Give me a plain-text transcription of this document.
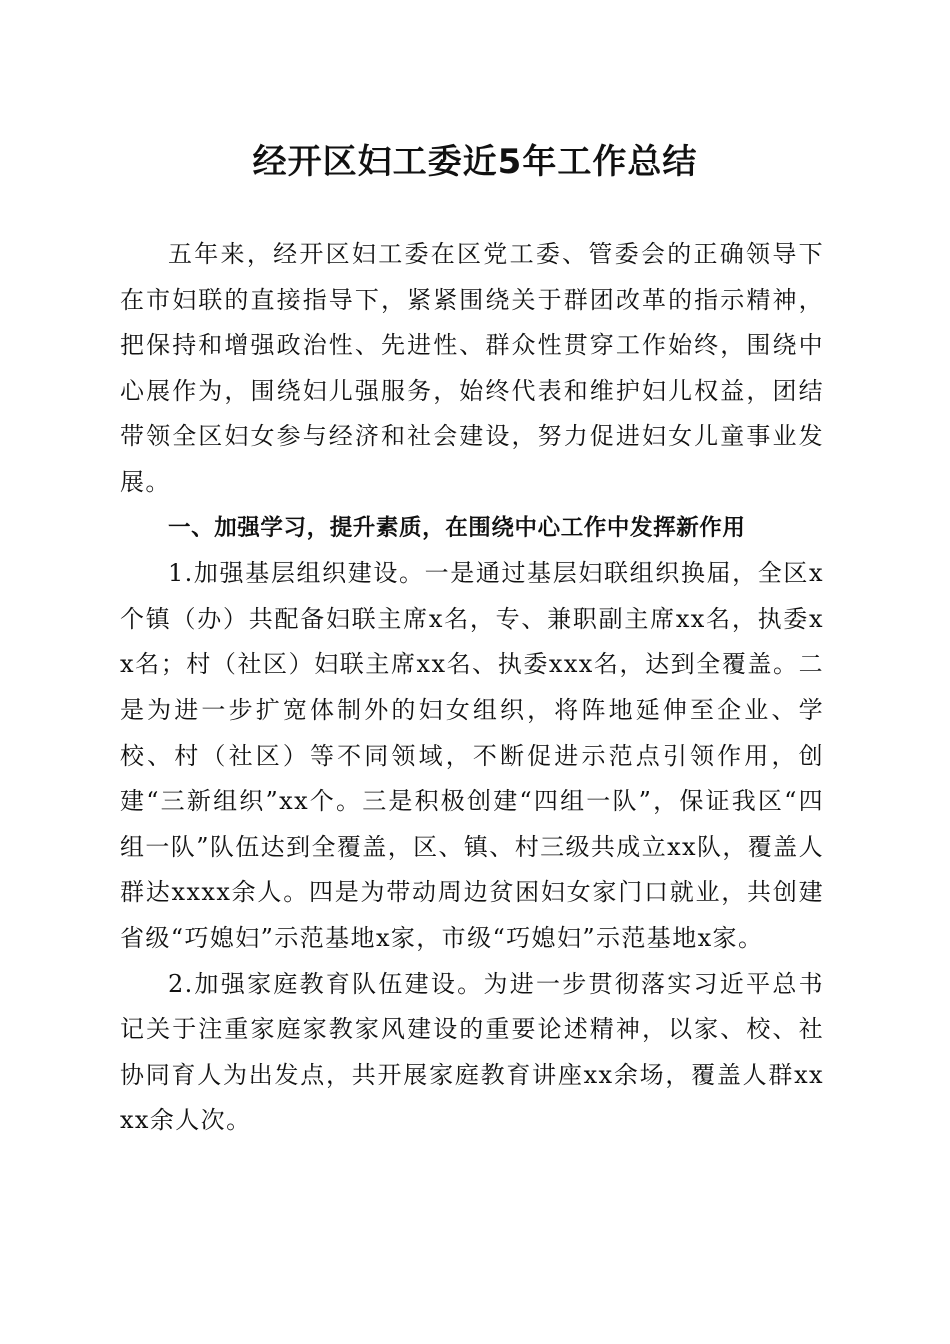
经开区妇工委近5年工作总结

五年来，经开区妇工委在区党工委、管委会的正确领导下在市妇联的直接指导下，紧紧围绕关于群团改革的指示精神，把保持和增强政治性、先进性、群众性贯穿工作始终，围绕中心展作为，围绕妇儿强服务，始终代表和维护妇儿权益，团结带领全区妇女参与经济和社会建设，努力促进妇女儿童事业发展。

一、加强学习，提升素质，在围绕中心工作中发挥新作用

1.加强基层组织建设。一是通过基层妇联组织换届，全区x个镇（办）共配备妇联主席x名，专、兼职副主席xx名，执委xx名；村（社区）妇联主席xx名、执委xxx名，达到全覆盖。二是为进一步扩宽体制外的妇女组织，将阵地延伸至企业、学校、村（社区）等不同领域，不断促进示范点引领作用，创建“三新组织”xx个。三是积极创建“四组一队”，保证我区“四组一队”队伍达到全覆盖，区、镇、村三级共成立xx队，覆盖人群达xxxx余人。四是为带动周边贫困妇女家门口就业，共创建省级“巧媳妇”示范基地x家，市级“巧媳妇”示范基地x家。

2.加强家庭教育队伍建设。为进一步贯彻落实习近平总书记关于注重家庭家教家风建设的重要论述精神，以家、校、社协同育人为出发点，共开展家庭教育讲座xx余场，覆盖人群xxxx余人次。
